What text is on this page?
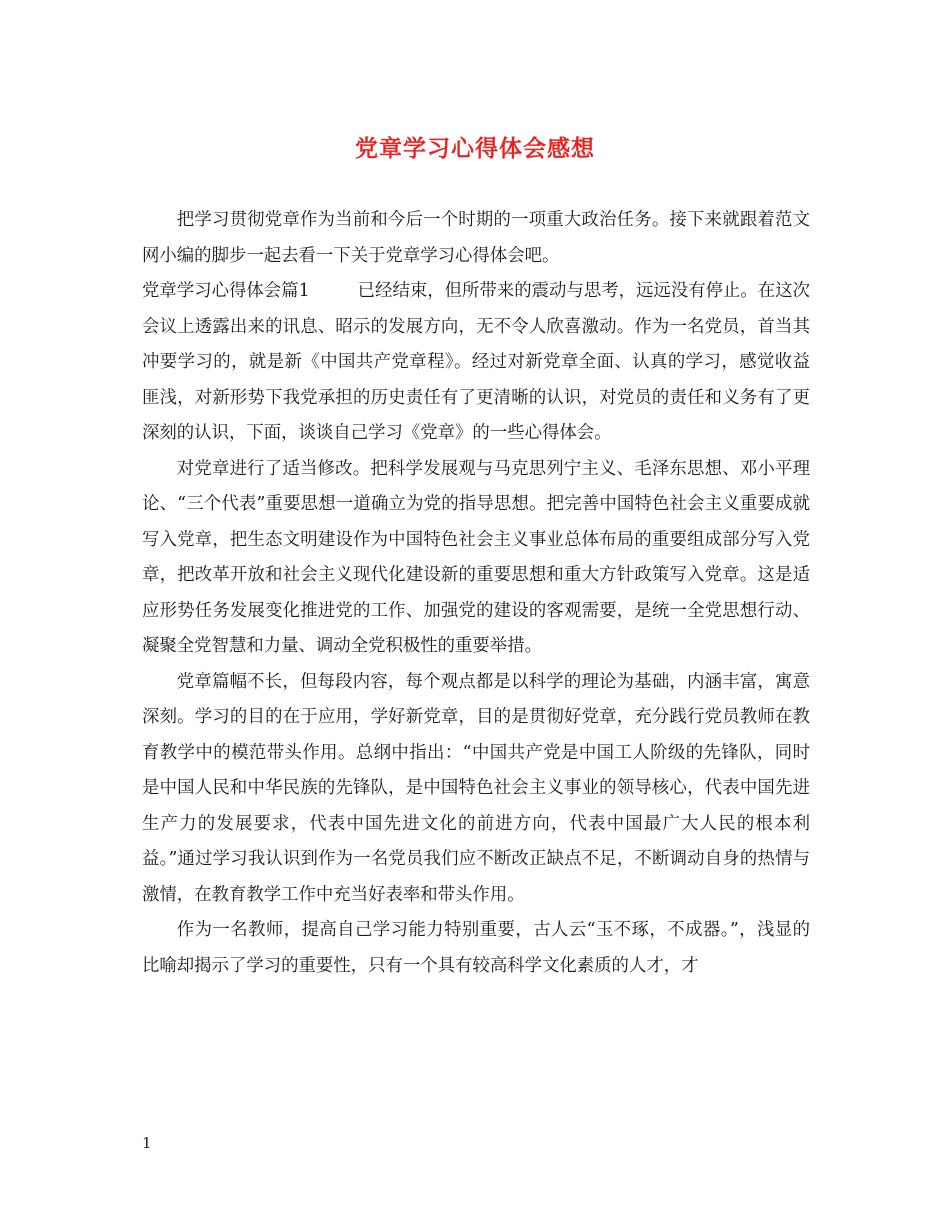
党章学习心得体会感想

把学习贯彻党章作为当前和今后一个时期的一项重大政治任务。接下来就跟着范文网小编的脚步一起去看一下关于党章学习心得体会吧。

党章学习心得体会篇1	已经结束，但所带来的震动与思考，远远没有停止。在这次会议上透露出来的讯息、昭示的发展方向，无不令人欣喜激动。作为一名党员，首当其冲要学习的，就是新《中国共产党章程》。经过对新党章全面、认真的学习，感觉收益匪浅，对新形势下我党承担的历史责任有了更清晰的认识，对党员的责任和义务有了更深刻的认识，下面，谈谈自己学习《党章》的一些心得体会。

对党章进行了适当修改。把科学发展观与马克思列宁主义、毛泽东思想、邓小平理论、“三个代表”重要思想一道确立为党的指导思想。把完善中国特色社会主义重要成就写入党章，把生态文明建设作为中国特色社会主义事业总体布局的重要组成部分写入党章，把改革开放和社会主义现代化建设新的重要思想和重大方针政策写入党章。这是适应形势任务发展变化推进党的工作、加强党的建设的客观需要，是统一全党思想行动、凝聚全党智慧和力量、调动全党积极性的重要举措。

党章篇幅不长，但每段内容，每个观点都是以科学的理论为基础，内涵丰富，寓意深刻。学习的目的在于应用，学好新党章，目的是贯彻好党章，充分践行党员教师在教育教学中的模范带头作用。总纲中指出：“中国共产党是中国工人阶级的先锋队，同时是中国人民和中华民族的先锋队，是中国特色社会主义事业的领导核心，代表中国先进生产力的发展要求，代表中国先进文化的前进方向，代表中国最广大人民的根本利益。”通过学习我认识到作为一名党员我们应不断改正缺点不足，不断调动自身的热情与激情，在教育教学工作中充当好表率和带头作用。

作为一名教师，提高自己学习能力特别重要，古人云“玉不琢，不成器。”，浅显的比喻却揭示了学习的重要性，只有一个具有较高科学文化素质的人才，才

1
